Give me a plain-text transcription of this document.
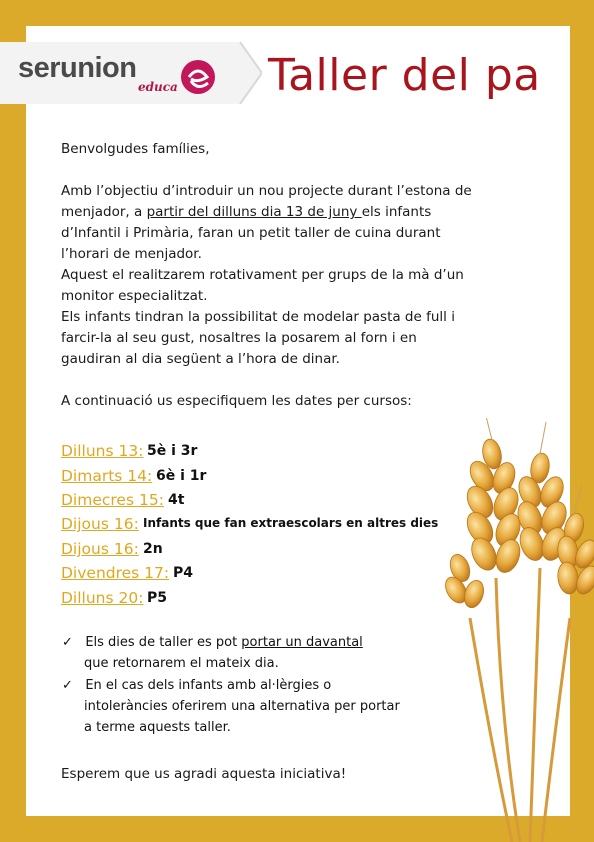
serunion
educa Taller del pa
Benvolgudes famílies,
Amb l’objectiu d’introduir un nou projecte durant l’estona de
menjador, a partir del dilluns dia 13 de juny els infants
d’Infantil i Primària, faran un petit taller de cuina durant
l’horari de menjador.
Aquest el realitzarem rotativament per grups de la mà d’un
monitor especialitzat.
Els infants tindran la possibilitat de modelar pasta de full i
farcir-la al seu gust, nosaltres la posarem al forn i en
gaudiran al dia següent a l’hora de dinar.
A continuació us especifiquem les dates per cursos:
Dilluns 13: 5è i 3r
Dimarts 14: 6è i 1r
Dimecres 15: 4t
Dijous 16: Infants que fan extraescolars en altres dies
Dijous 16: 2n
Divendres 17: P4
Dilluns 20: P5
✓ Els dies de taller es pot portar un davantal
que retornarem el mateix dia.
✓ En el cas dels infants amb al·lèrgies o
intoleràncies oferirem una alternativa per portar
a terme aquests taller.
Esperem que us agradi aquesta iniciativa!
